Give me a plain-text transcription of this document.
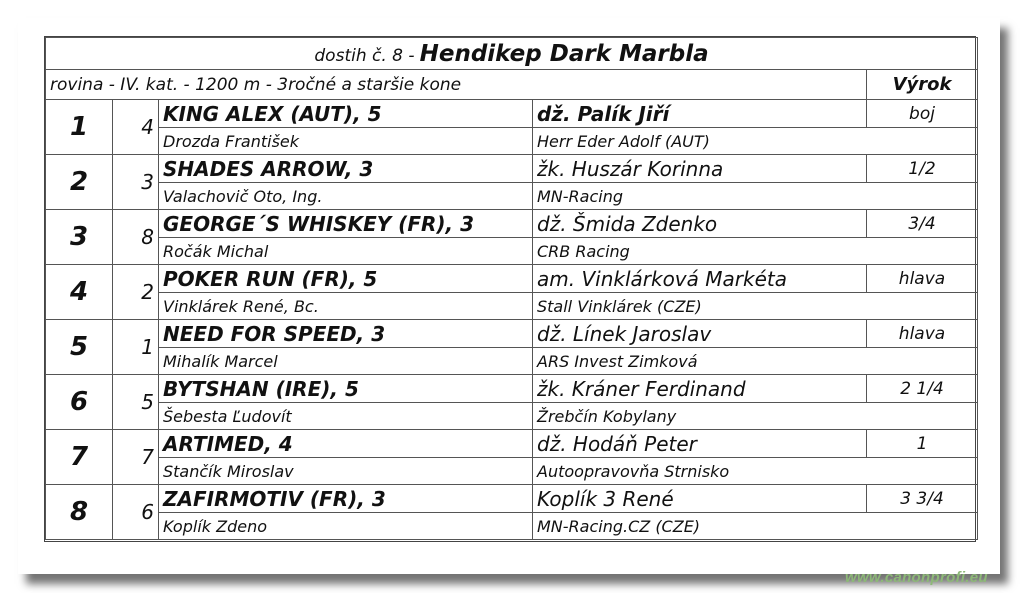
dostih č. 8 - Hendikep Dark Marbla				
rovina - IV. kat. - 1200 m - 3ročné a staršie kone				Výrok
1	4	KING ALEX (AUT), 5	dž. Palík Jiří	boj
		Drozda František	Herr Eder Adolf (AUT)	
2	3	SHADES ARROW, 3	žk. Huszár Korinna	1/2
		Valachovič Oto, Ing.	MN-Racing	
3	8	GEORGE´S WHISKEY (FR), 3	dž. Šmida Zdenko	3/4
		Ročák Michal	CRB Racing	
4	2	POKER RUN (FR), 5	am. Vinklárková Markéta	hlava
		Vinklárek René, Bc.	Stall Vinklárek (CZE)	
5	1	NEED FOR SPEED, 3	dž. Línek Jaroslav	hlava
		Mihalík Marcel	ARS Invest Zimková	
6	5	BYTSHAN (IRE), 5	žk. Kráner Ferdinand	2 1/4
		Šebesta Ľudovít	Žrebčín Kobylany	
7	7	ARTIMED, 4	dž. Hodáň Peter	1
		Stančík Miroslav	Autoopravovňa Strnisko	
8	6	ZAFIRMOTIV (FR), 3	Koplík 3 René	3 3/4
		Koplík Zdeno	MN-Racing.CZ (CZE)	
www.canonprofi.eu
